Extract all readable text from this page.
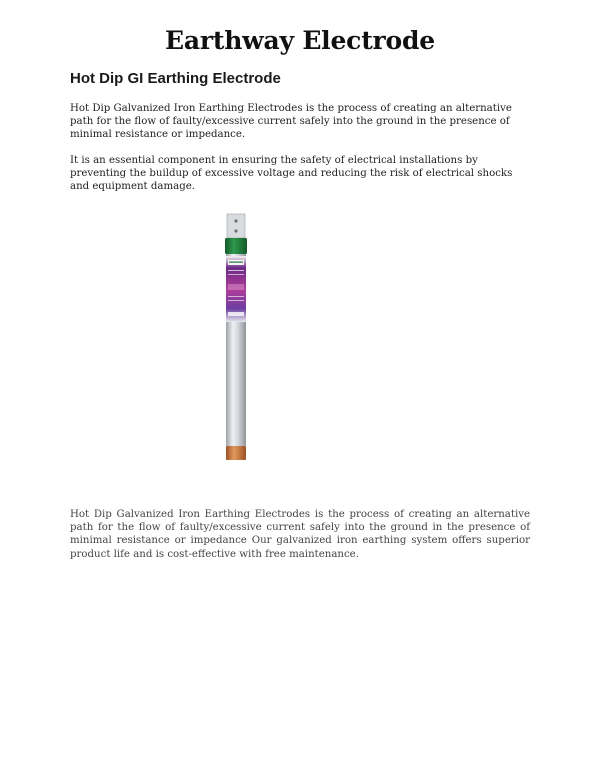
Earthway Electrode
Hot Dip GI Earthing Electrode

Hot Dip Galvanized Iron Earthing Electrodes is the process of creating an alternative path for the flow of faulty/excessive current safely into the ground in the presence of minimal resistance or impedance.

It is an essential component in ensuring the safety of electrical installations by preventing the buildup of excessive voltage and reducing the risk of electrical shocks and equipment damage.

Hot Dip Galvanized Iron Earthing Electrodes is the process of creating an alternative path for the flow of faulty/excessive current safely into the ground in the presence of minimal resistance or impedance Our galvanized iron earthing system offers superior product life and is cost-effective with free maintenance.
